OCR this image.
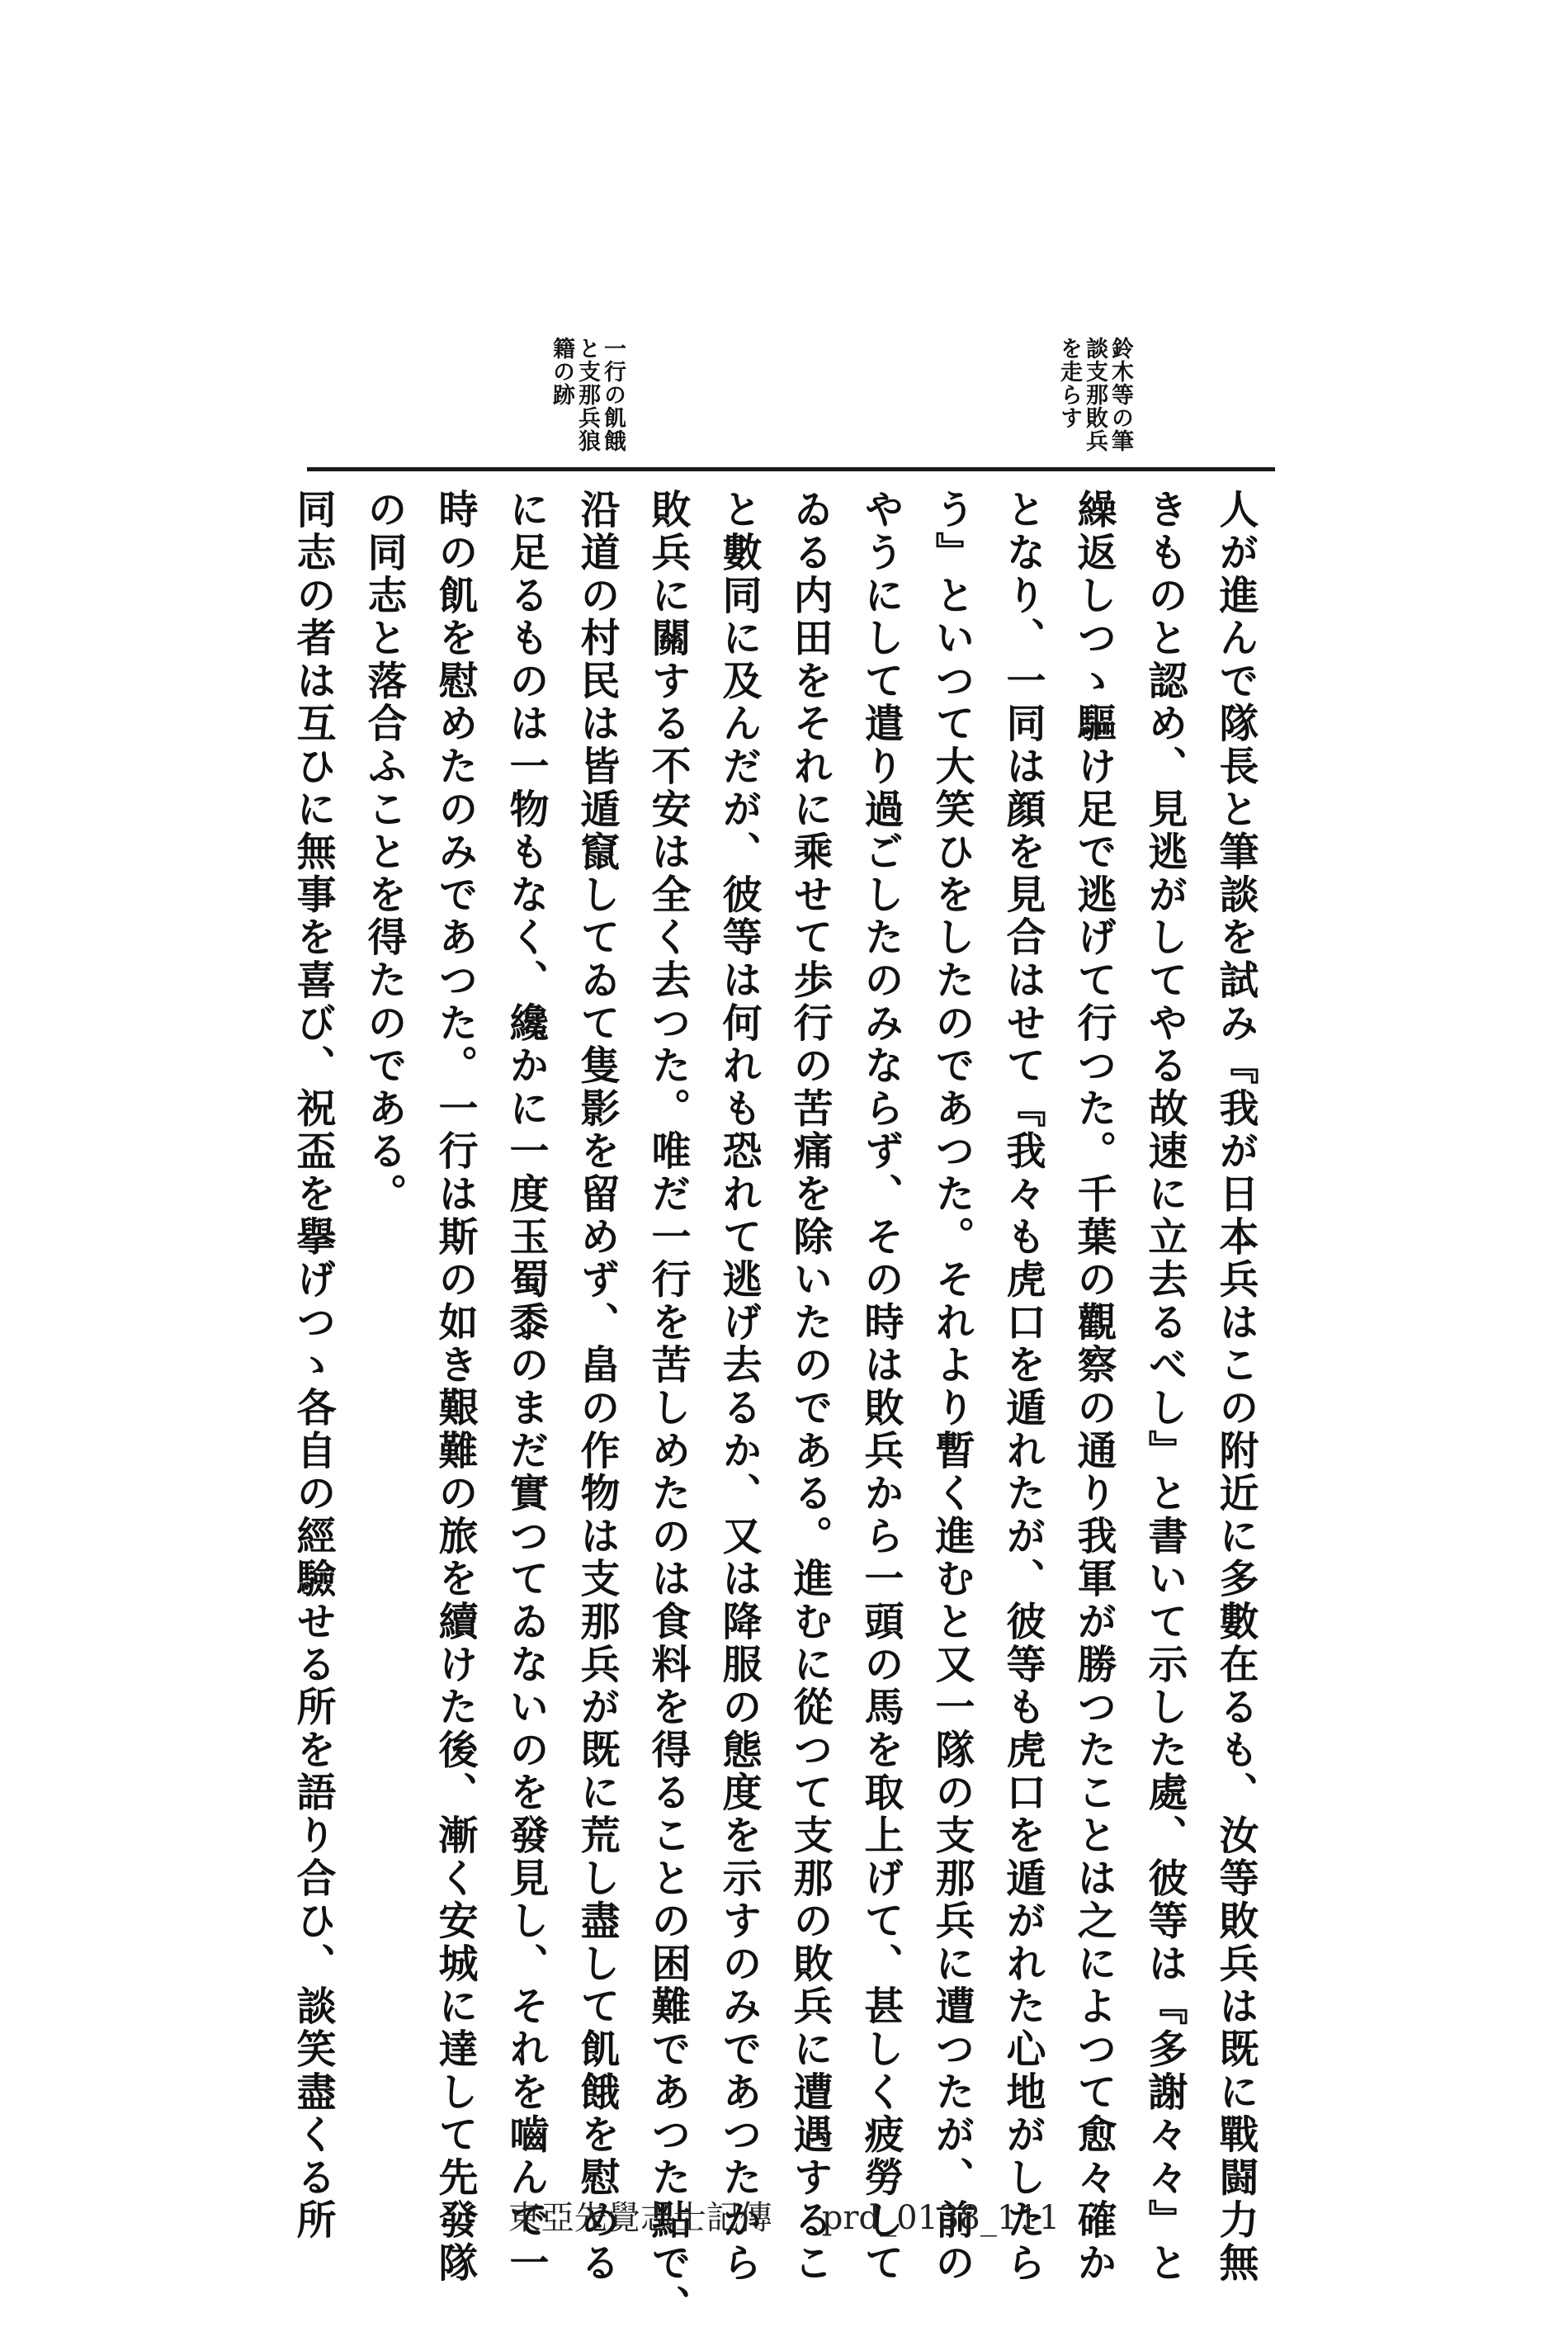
鈴木等の筆談支那敗兵を走らす
一行の飢餓と支那兵狼籍の跡
人が進んで隊長と筆談を試み『我が日本兵はこの附近に多數在るも、汝等敗兵は既に戰闘力無
きものと認め、見逃がしてやる故速に立去るべし』と書いて示した處、彼等は『多謝々々』と
繰返しつゝ驅け足で逃げて行つた。千葉の觀察の通り我軍が勝つたことは之によつて愈々確か
となり、一同は顔を見合はせて『我々も虎口を遁れたが、彼等も虎口を遁がれた心地がしたら
う』といつて大笑ひをしたのであつた。それより暫く進むと又一隊の支那兵に遭つたが、前の
やうにして遣り過ごしたのみならず、その時は敗兵から一頭の馬を取上げて、甚しく疲勞して
ゐる内田をそれに乘せて歩行の苦痛を除いたのである。進むに從つて支那の敗兵に遭遇するこ
と數同に及んだが、彼等は何れも恐れて逃げ去るか、又は降服の態度を示すのみであつたから
敗兵に關する不安は全く去つた。唯だ一行を苦しめたのは食料を得ることの困難であつた點で、
沿道の村民は皆遁竄してゐて隻影を留めず、畠の作物は支那兵が既に荒し盡して飢餓を慰める
に足るものは一物もなく、纔かに一度玉蜀黍のまだ實つてゐないのを發見し、それを嚙んで一
時の飢を慰めたのみであつた。一行は斯の如き艱難の旅を續けた後、漸く安城に達して先發隊
の同志と落合ふことを得たのである。
同志の者は互ひに無事を喜び、祝盃を擧げつゝ各自の經驗せる所を語り合ひ、談笑盡くる所	東亞先覺志士記傳 prd_0138_111
